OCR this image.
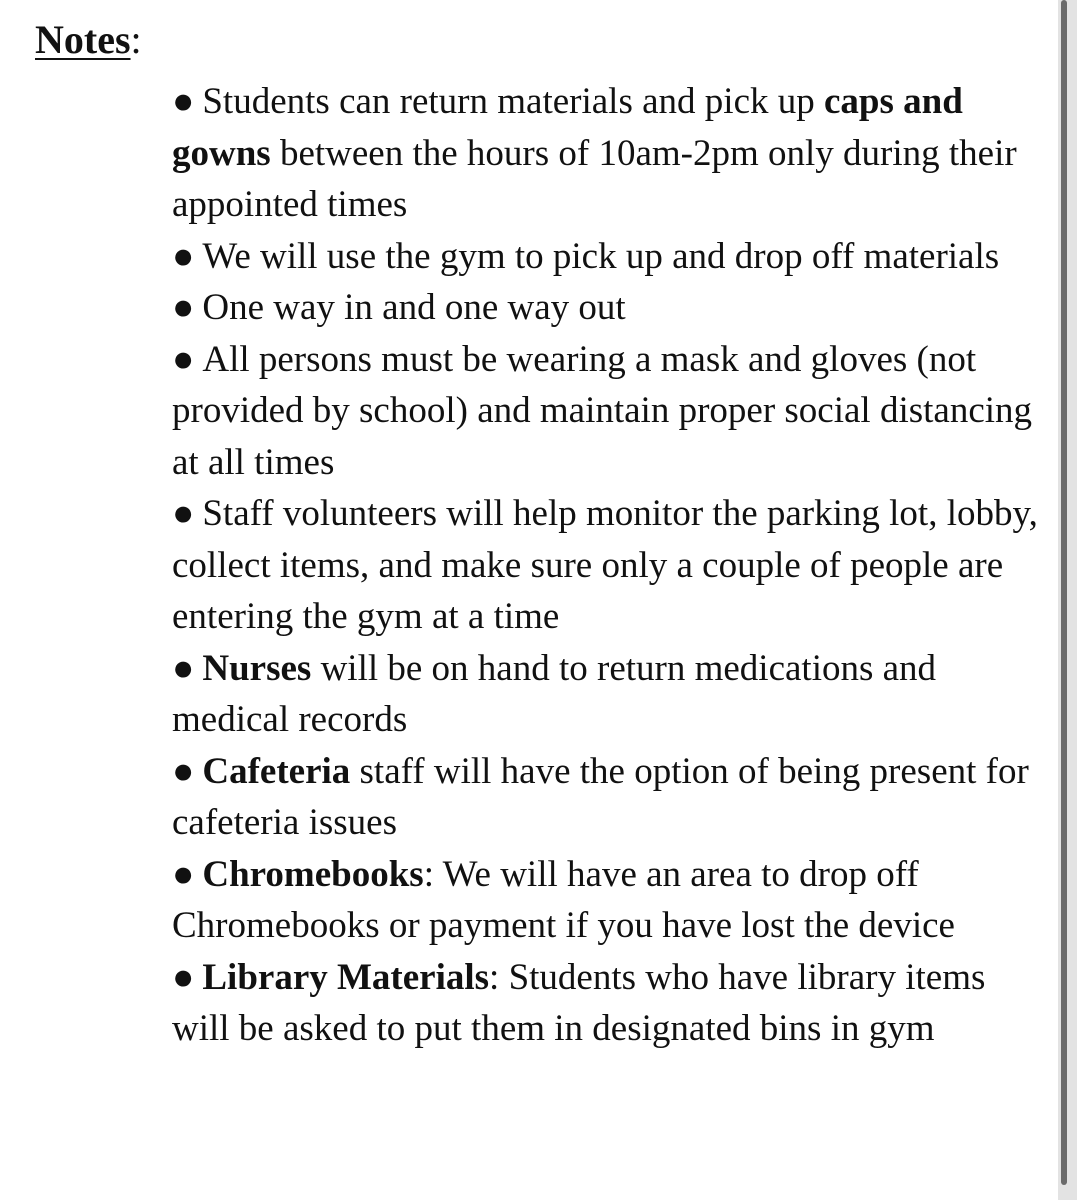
Notes:
● Students can return materials and pick up caps and gowns between the hours of 10am-2pm only during their appointed times
● We will use the gym to pick up and drop off materials
● One way in and one way out
● All persons must be wearing a mask and gloves (not provided by school) and maintain proper social distancing at all times
● Staff volunteers will help monitor the parking lot, lobby, collect items, and make sure only a couple of people are entering the gym at a time
● Nurses will be on hand to return medications and medical records
● Cafeteria staff will have the option of being present for cafeteria issues
● Chromebooks: We will have an area to drop off Chromebooks or payment if you have lost the device
● Library Materials: Students who have library items will be asked to put them in designated bins in gym
